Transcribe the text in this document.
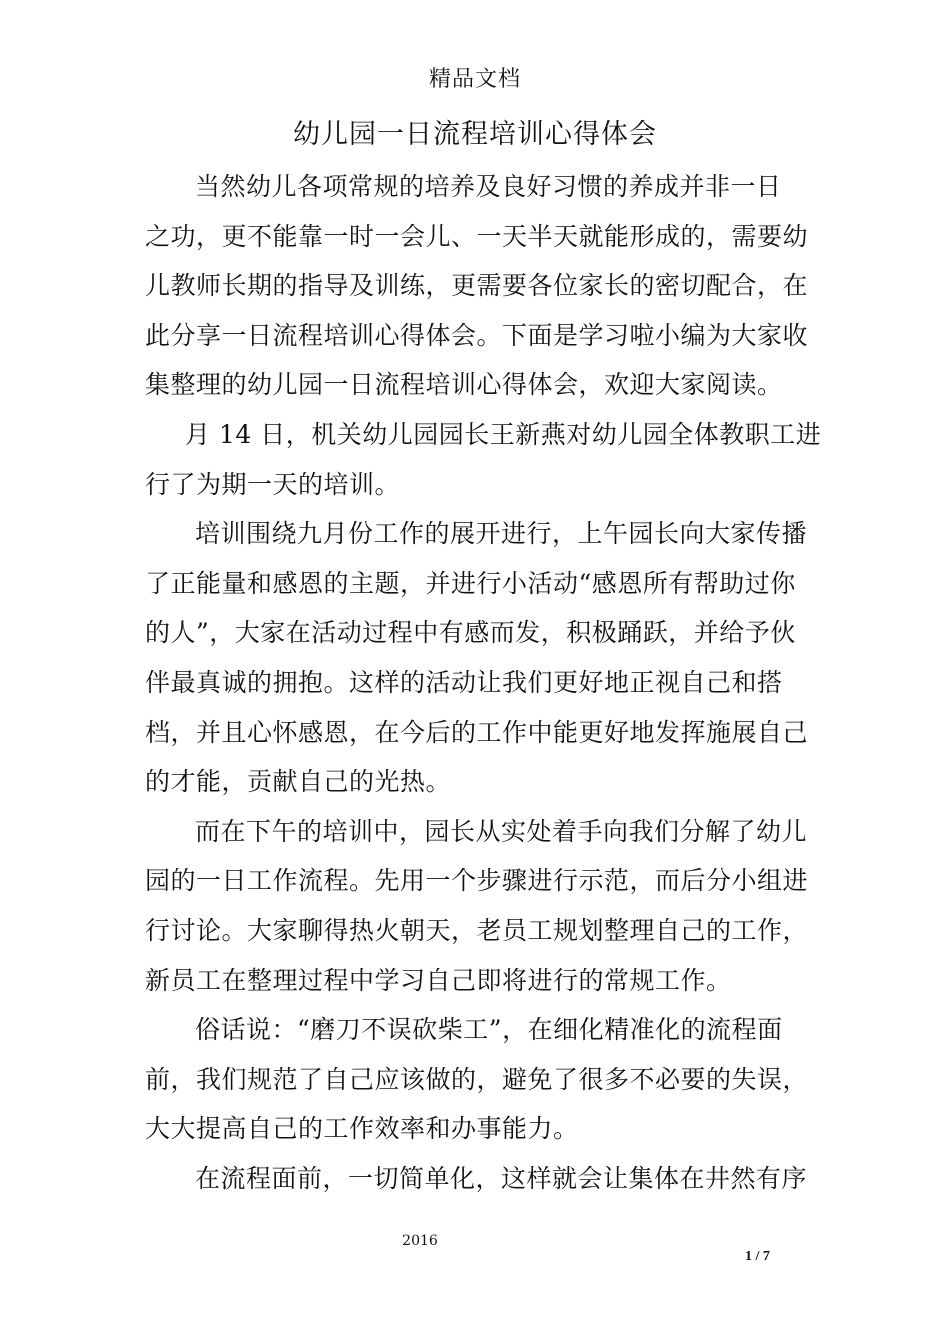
精品文档
幼儿园一日流程培训心得体会
当然幼儿各项常规的培养及良好习惯的养成并非一日
之功，更不能靠一时一会儿、一天半天就能形成的，需要幼
儿教师长期的指导及训练，更需要各位家长的密切配合，在
此分享一日流程培训心得体会。下面是学习啦小编为大家收
集整理的幼儿园一日流程培训心得体会，欢迎大家阅读。
月 14 日，机关幼儿园园长王新燕对幼儿园全体教职工进
行了为期一天的培训。
培训围绕九月份工作的展开进行，上午园长向大家传播
了正能量和感恩的主题，并进行小活动“感恩所有帮助过你
的人”，大家在活动过程中有感而发，积极踊跃，并给予伙
伴最真诚的拥抱。这样的活动让我们更好地正视自己和搭
档，并且心怀感恩，在今后的工作中能更好地发挥施展自己
的才能，贡献自己的光热。
而在下午的培训中，园长从实处着手向我们分解了幼儿
园的一日工作流程。先用一个步骤进行示范，而后分小组进
行讨论。大家聊得热火朝天，老员工规划整理自己的工作，
新员工在整理过程中学习自己即将进行的常规工作。
俗话说：“磨刀不误砍柴工”，在细化精准化的流程面
前，我们规范了自己应该做的，避免了很多不必要的失误，
大大提高自己的工作效率和办事能力。
在流程面前，一切简单化，这样就会让集体在井然有序
2016
1 / 7
